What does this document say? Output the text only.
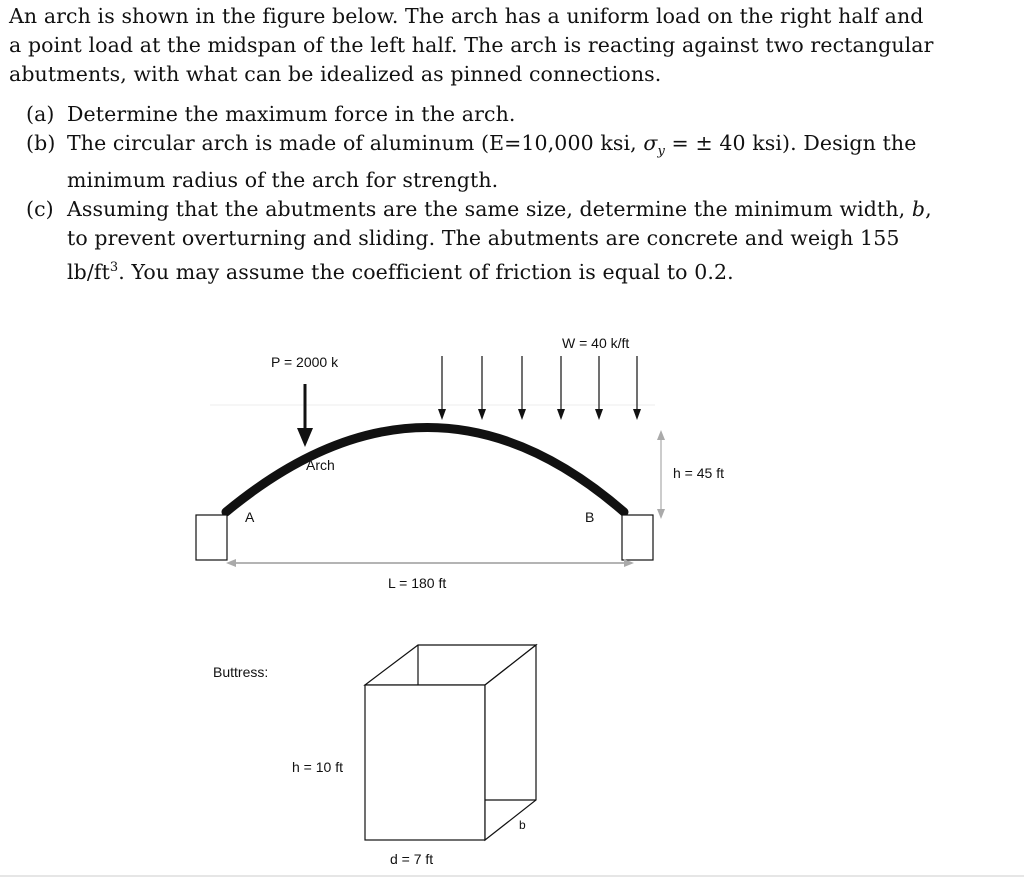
An arch is shown in the figure below. The arch has a uniform load on the right half and a point load at the midspan of the left half. The arch is reacting against two rectangular abutments, with what can be idealized as pinned connections.

(a) Determine the maximum force in the arch.
(b) The circular arch is made of aluminum (E=10,000 ksi, $\sigma_y$ = ± 40 ksi). Design the minimum radius of the arch for strength.
(c) Assuming that the abutments are the same size, determine the minimum width, b, to prevent overturning and sliding. The abutments are concrete and weigh 155 $lb/ft^3$. You may assume the coefficient of friction is equal to 0.2.
P = 2000 k
W = 40 k/ft
Arch
A	B
h = 45 ft
L = 180 ft
Buttress:
h = 10 ft
d = 7 ft
b
